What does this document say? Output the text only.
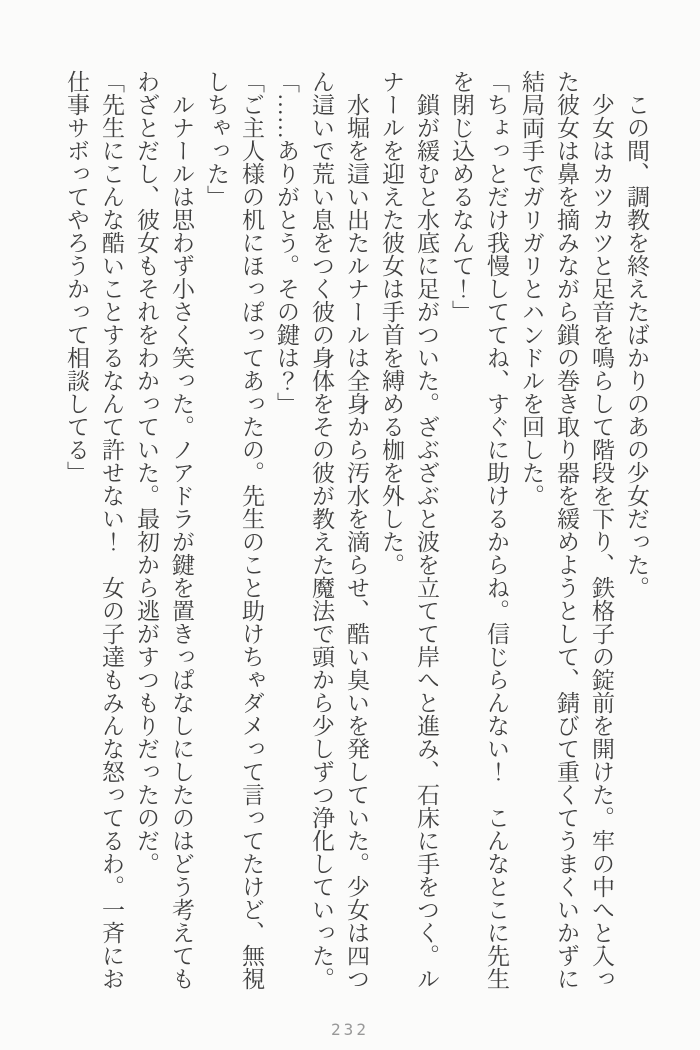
　この間、調教を終えたばかりのあの少女だった。

　少女はカツカツと足音を鳴らして階段を下り、鉄格子の錠前を開けた。牢の中へと入った彼女は鼻を摘みながら鎖の巻き取り器を緩めようとして、錆びて重くてうまくいかずに結局両手でガリガリとハンドルを回した。

「ちょっとだけ我慢しててね、すぐに助けるからね。信じらんない！　こんなとこに先生を閉じ込めるなんて！」

　鎖が緩むと水底に足がついた。ざぶざぶと波を立てて岸へと進み、石床に手をつく。ルナールを迎えた彼女は手首を縛める枷を外した。

　水堀を這い出たルナールは全身から汚水を滴らせ、酷い臭いを発していた。少女は四つん這いで荒い息をつく彼の身体をその彼が教えた魔法で頭から少しずつ浄化していった。

「……ありがとう。その鍵は？」

「ご主人様の机にほっぽってあったの。先生のこと助けちゃダメって言ってたけど、無視しちゃった」

　ルナールは思わず小さく笑った。ノアドラが鍵を置きっぱなしにしたのはどう考えてもわざとだし、彼女もそれをわかっていた。最初から逃がすつもりだったのだ。

「先生にこんな酷いことするなんて許せない！　女の子達もみんな怒ってるわ。一斉にお仕事サボってやろうかって相談してる」

232
